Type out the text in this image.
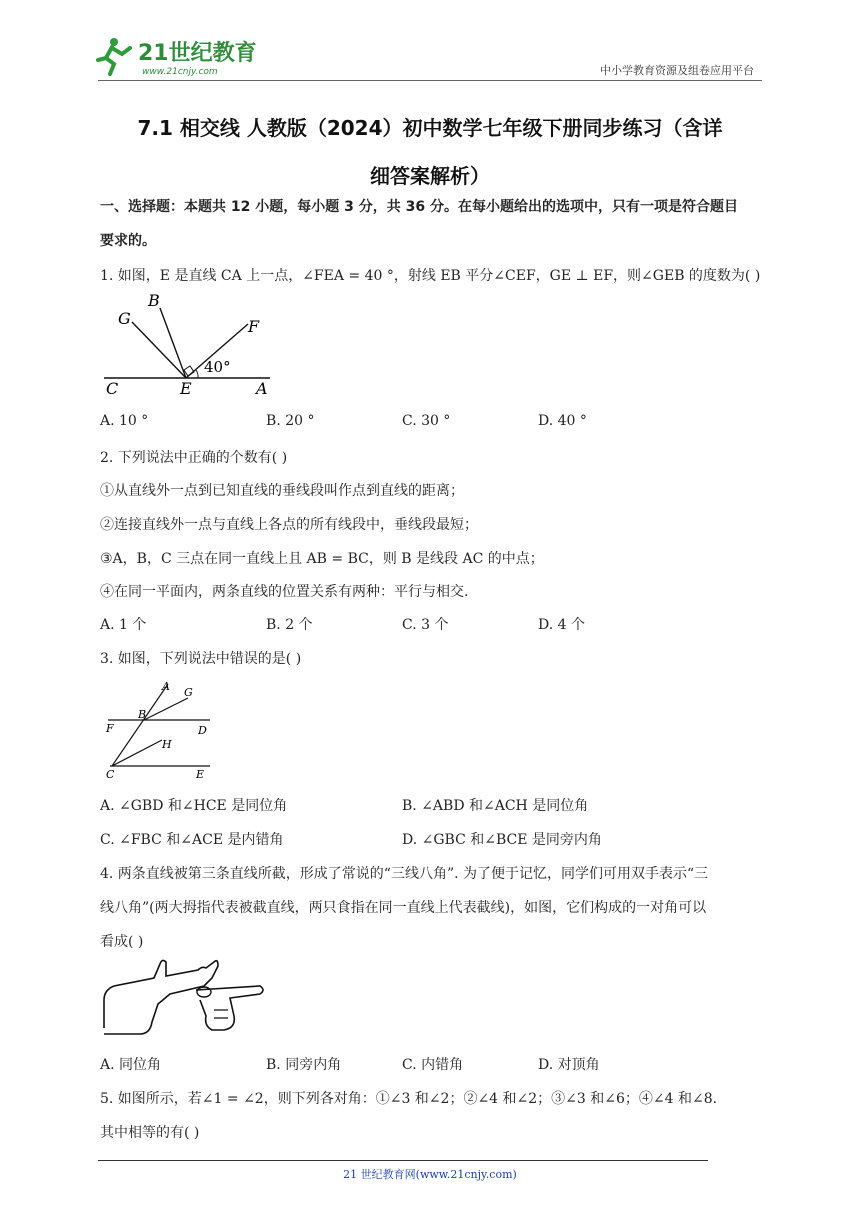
21世纪教育
www.21cnjy.com	中小学教育资源及组卷应用平台
7.1 相交线 人教版（2024）初中数学七年级下册同步练习（含详
细答案解析）
一、选择题：本题共 12 小题，每小题 3 分，共 36 分。在每小题给出的选项中，只有一项是符合题目
要求的。
1. 如图，E 是直线 CA 上一点，∠FEA = 40 °，射线 EB 平分∠CEF，GE ⊥ EF，则∠GEB 的度数为( )
G
B
F
40°
C	E	A
A. 10 °	B. 20 °	C. 30 °	D. 40 °
2. 下列说法中正确的个数有( )
①从直线外一点到已知直线的垂线段叫作点到直线的距离；
②连接直线外一点与直线上各点的所有线段中，垂线段最短；
③A，B，C 三点在同一直线上且 AB = BC，则 B 是线段 AC 的中点；
④在同一平面内，两条直线的位置关系有两种：平行与相交.
A. 1 个	B. 2 个	C. 3 个	D. 4 个
3. 如图，下列说法中错误的是( )
A G
B
F	D
H
C	E
A. ∠GBD 和∠HCE 是同位角	B. ∠ABD 和∠ACH 是同位角
C. ∠FBC 和∠ACE 是内错角	D. ∠GBC 和∠BCE 是同旁内角
4. 两条直线被第三条直线所截，形成了常说的“三线八角”. 为了便于记忆，同学们可用双手表示“三
线八角”(两大拇指代表被截直线，两只食指在同一直线上代表截线)，如图，它们构成的一对角可以
看成( )
A. 同位角	B. 同旁内角	C. 内错角	D. 对顶角
5. 如图所示，若∠1 = ∠2，则下列各对角：①∠3 和∠2；②∠4 和∠2；③∠3 和∠6；④∠4 和∠8.
其中相等的有( )
21 世纪教育网(www.21cnjy.com)
